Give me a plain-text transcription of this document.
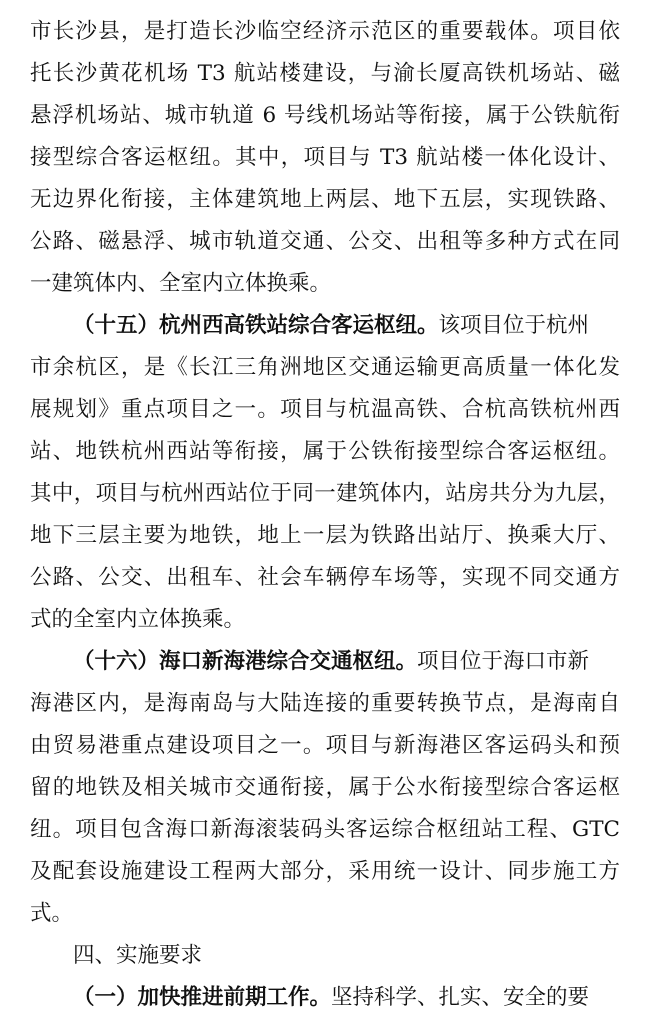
市长沙县，是打造长沙临空经济示范区的重要载体。项目依
托长沙黄花机场 T3 航站楼建设，与渝长厦高铁机场站、磁
悬浮机场站、城市轨道 6 号线机场站等衔接，属于公铁航衔
接型综合客运枢纽。其中，项目与 T3 航站楼一体化设计、
无边界化衔接，主体建筑地上两层、地下五层，实现铁路、
公路、磁悬浮、城市轨道交通、公交、出租等多种方式在同
一建筑体内、全室内立体换乘。
（十五）杭州西高铁站综合客运枢纽。该项目位于杭州
市余杭区，是《长江三角洲地区交通运输更高质量一体化发
展规划》重点项目之一。项目与杭温高铁、合杭高铁杭州西
站、地铁杭州西站等衔接，属于公铁衔接型综合客运枢纽。
其中，项目与杭州西站位于同一建筑体内，站房共分为九层，
地下三层主要为地铁，地上一层为铁路出站厅、换乘大厅、
公路、公交、出租车、社会车辆停车场等，实现不同交通方
式的全室内立体换乘。
（十六）海口新海港综合交通枢纽。项目位于海口市新
海港区内，是海南岛与大陆连接的重要转换节点，是海南自
由贸易港重点建设项目之一。项目与新海港区客运码头和预
留的地铁及相关城市交通衔接，属于公水衔接型综合客运枢
纽。项目包含海口新海滚装码头客运综合枢纽站工程、GTC
及配套设施建设工程两大部分，采用统一设计、同步施工方
式。
四、实施要求
（一）加快推进前期工作。坚持科学、扎实、安全的要
